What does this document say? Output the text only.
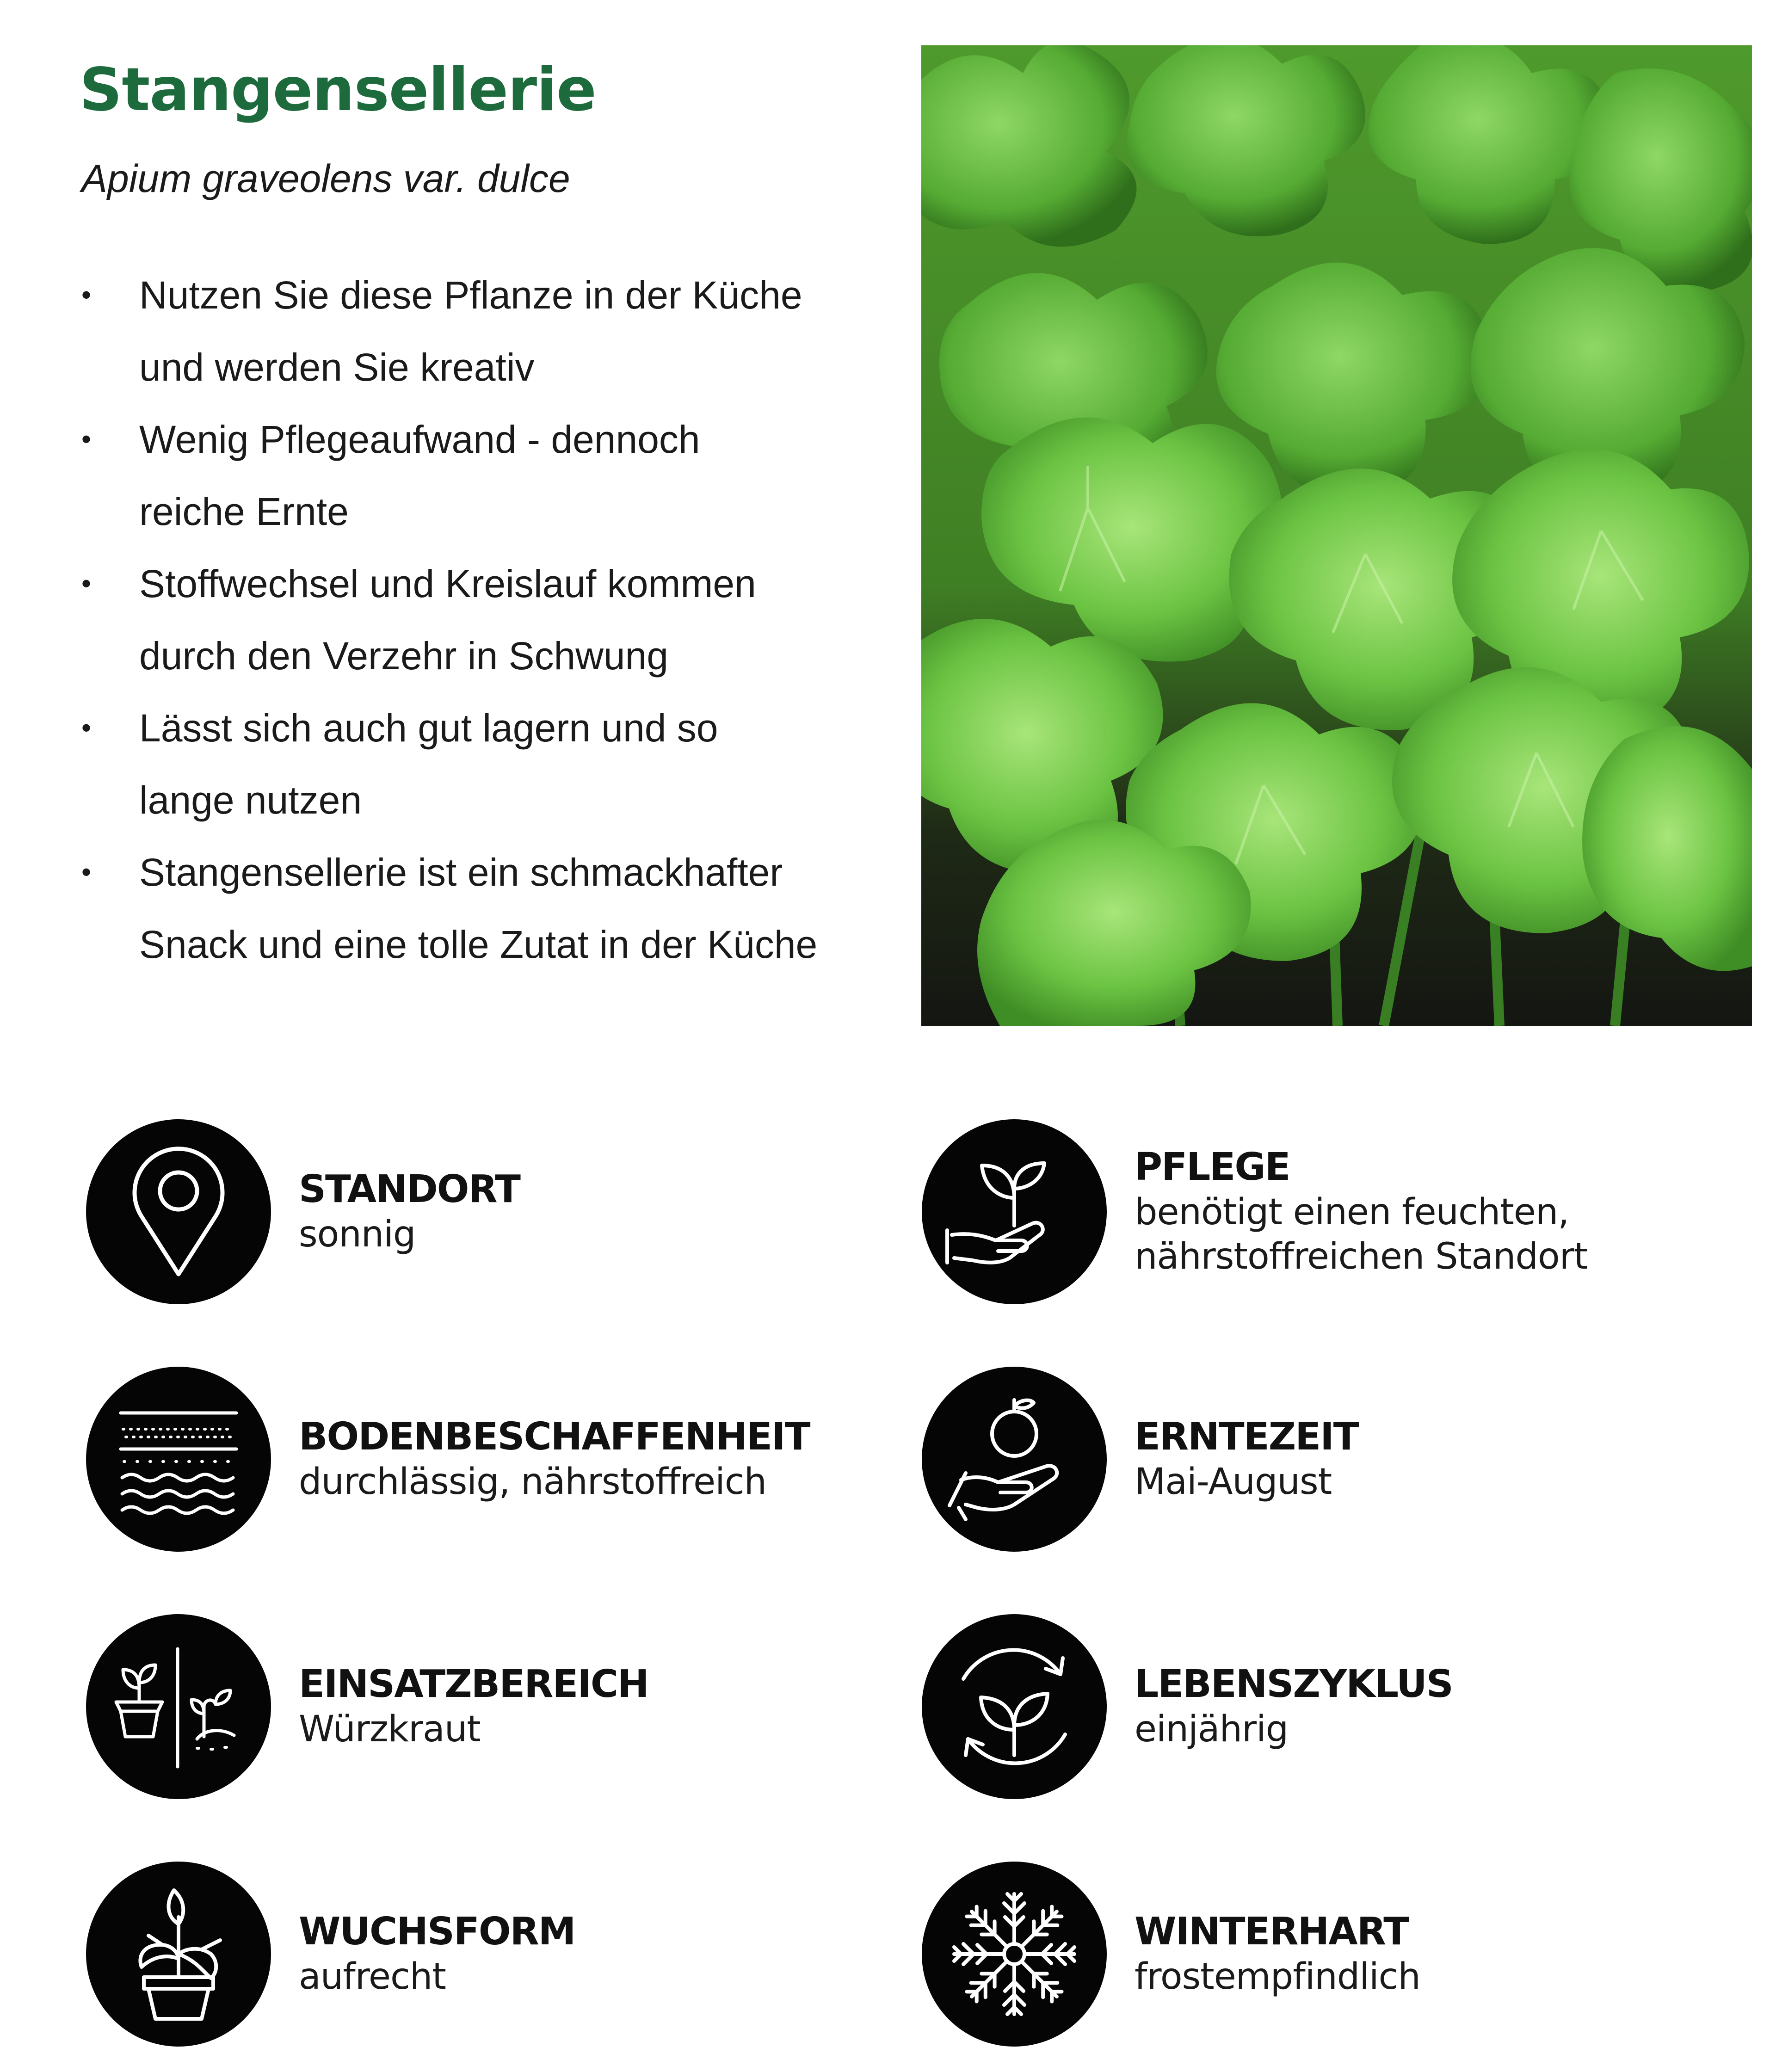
Stangensellerie

Apium graveolens var. dulce

• Nutzen Sie diese Pflanze in der Küche
und werden Sie kreativ
• Wenig Pflegeaufwand - dennoch
reiche Ernte
• Stoffwechsel und Kreislauf kommen
durch den Verzehr in Schwung
• Lässt sich auch gut lagern und so
lange nutzen
• Stangensellerie ist ein schmackhafter
Snack und eine tolle Zutat in der Küche
STANDORT
sonnig
PFLEGE
benötigt einen feuchten,
nährstoffreichen Standort
BODENBESCHAFFENHEIT
durchlässig, nährstoffreich
ERNTEZEIT
Mai-August
EINSATZBEREICH
Würzkraut
LEBENSZYKLUS
einjährig
WUCHSFORM
aufrecht
WINTERHART
frostempfindlich
